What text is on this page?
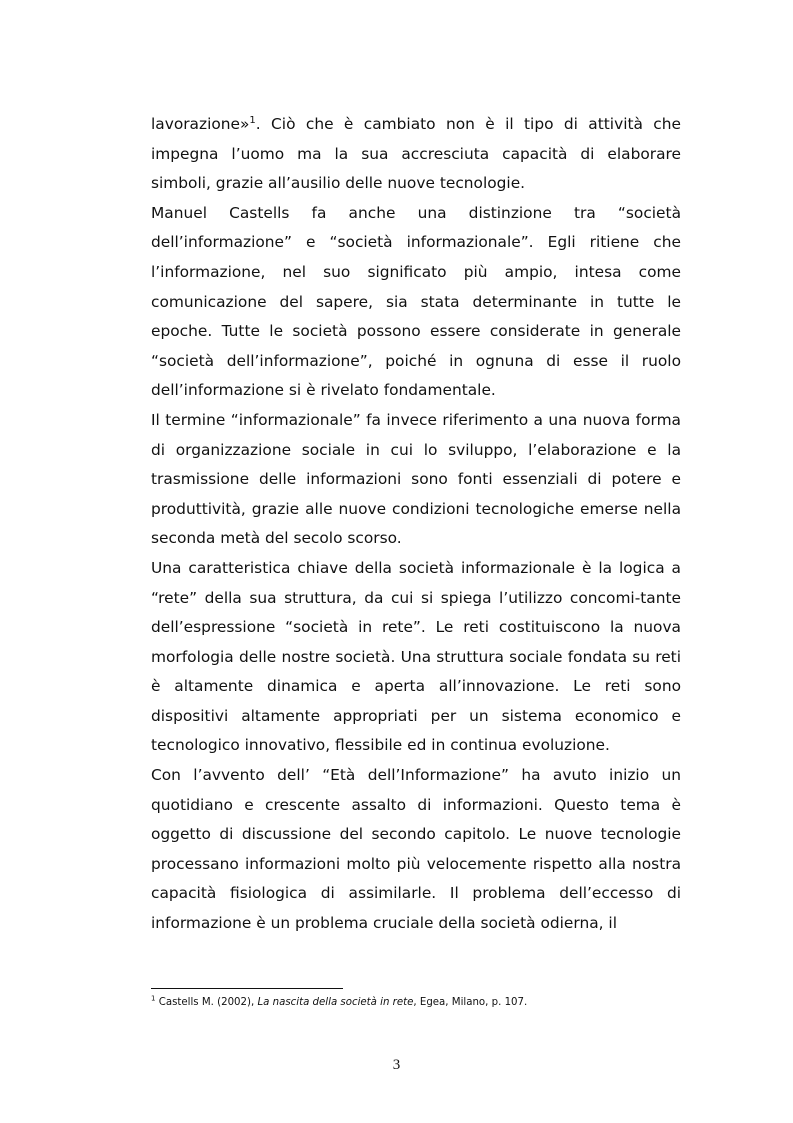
lavorazione»$^1$. Ciò che è cambiato non è il tipo di attività che impegna l’uomo ma la sua accresciuta capacità di elaborare simboli, grazie all’ausilio delle nuove tecnologie.

Manuel Castells fa anche una distinzione tra “società dell’informazione” e “società informazionale”. Egli ritiene che l’informazione, nel suo significato più ampio, intesa come comunicazione del sapere, sia stata determinante in tutte le epoche. Tutte le società possono essere considerate in generale “società dell’informazione”, poiché in ognuna di esse il ruolo dell’informazione si è rivelato fondamentale.

Il termine “informazionale” fa invece riferimento a una nuova forma di organizzazione sociale in cui lo sviluppo, l’elaborazione e la trasmissione delle informazioni sono fonti essenziali di potere e produttività, grazie alle nuove condizioni tecnologiche emerse nella seconda metà del secolo scorso.

Una caratteristica chiave della società informazionale è la logica a “rete” della sua struttura, da cui si spiega l’utilizzo concomi-tante dell’espressione “società in rete”. Le reti costituiscono la nuova morfologia delle nostre società. Una struttura sociale fondata su reti è altamente dinamica e aperta all’innovazione. Le reti sono dispositivi altamente appropriati per un sistema economico e tecnologico innovativo, flessibile ed in continua evoluzione.

Con l’avvento dell’ “Età dell’Informazione” ha avuto inizio un quotidiano e crescente assalto di informazioni. Questo tema è oggetto di discussione del secondo capitolo. Le nuove tecnologie processano informazioni molto più velocemente rispetto alla nostra capacità fisiologica di assimilarle. Il problema dell’eccesso di informazione è un problema cruciale della società odierna, il

$^1$ Castells M. (2002), La nascita della società in rete, Egea, Milano, p. 107.
3
